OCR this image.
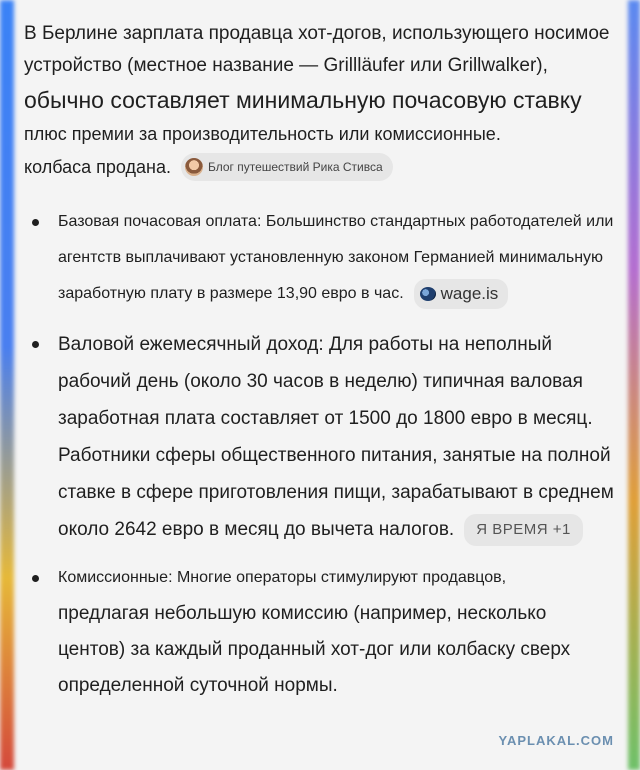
В Берлине зарплата продавца хот-догов, использующего носимое
устройство (местное название — Grillläufer или Grillwalker),
обычно составляет минимальную почасовую ставку
плюс премии за производительность или комиссионные.
колбаса продана.	Блог путешествий Рика Стивса

Базовая почасовая оплата: Большинство стандартных работодателей или
агентств выплачивают установленную законом Германией минимальную
заработную плату в размере 13,90 евро в час. wage.is
Валовой ежемесячный доход: Для работы на неполный
рабочий день (около 30 часов в неделю) типичная валовая
заработная плата составляет от 1500 до 1800 евро в месяц.
Работники сферы общественного питания, занятые на полной
ставке в сфере приготовления пищи, зарабатывают в среднем
около 2642 евро в месяц до вычета налогов.	Я ВРЕМЯ +1
Комиссионные: Многие операторы стимулируют продавцов,
предлагая небольшую комиссию (например, несколько
центов) за каждый проданный хот-дог или колбаску сверх
определенной суточной нормы.
YAPLAKAL.COM
